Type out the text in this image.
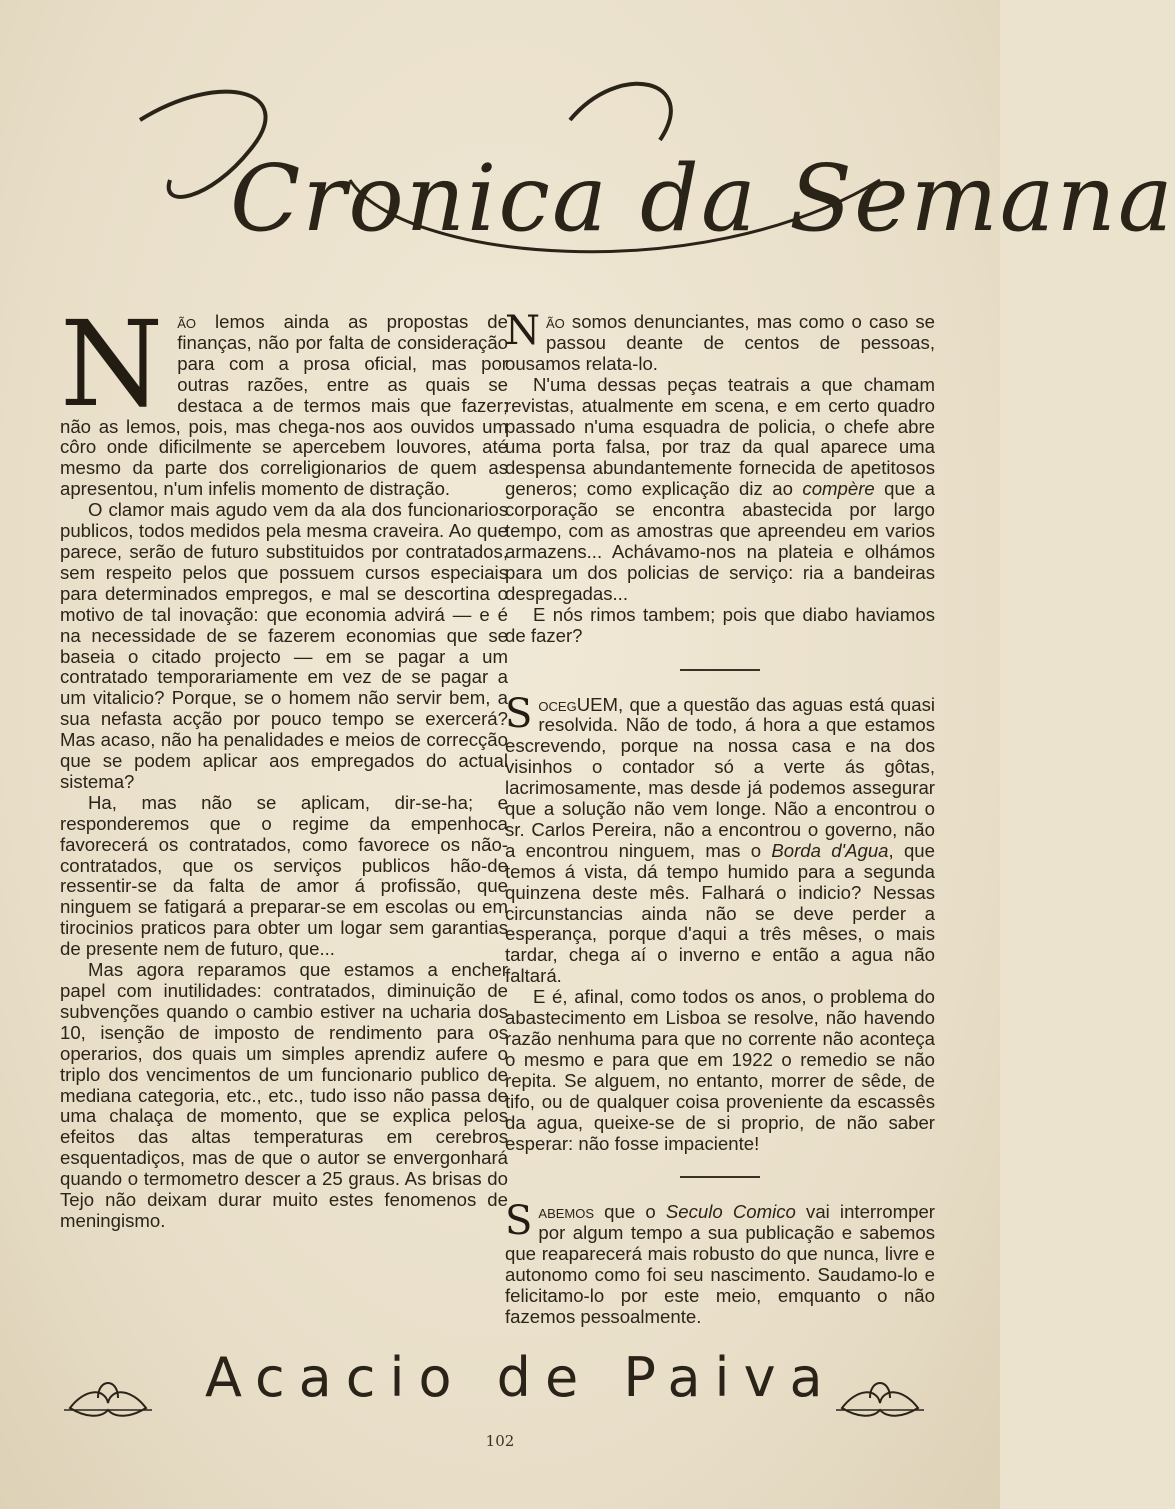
Cronica da Semana

Não lemos ainda as propostas de finanças, não por falta de consideração para com a prosa oficial, mas por outras razões, entre as quais se destaca a de termos mais que fazer; não as lemos, pois, mas chega-nos aos ouvidos um côro onde dificilmente se apercebem louvores, até mesmo da parte dos correligionarios de quem as apresentou, n'um infelis momento de distração.

O clamor mais agudo vem da ala dos funcionarios publicos, todos medidos pela mesma craveira. Ao que parece, serão de futuro substituidos por contratados, sem respeito pelos que possuem cursos especiais para determinados empregos, e mal se descortina o motivo de tal inovação: que economia advirá — e é na necessidade de se fazerem economias que se baseia o citado projecto — em se pagar a um contratado temporariamente em vez de se pagar a um vitalicio? Porque, se o homem não servir bem, a sua nefasta acção por pouco tempo se exercerá? Mas acaso, não ha penalidades e meios de correcção que se podem aplicar aos empregados do actual sistema?

Ha, mas não se aplicam, dir-se-ha; e responderemos que o regime da empenhoca favorecerá os contratados, como favorece os não-contratados, que os serviços publicos hão-de ressentir-se da falta de amor á profissão, que ninguem se fatigará a preparar-se em escolas ou em tirocinios praticos para obter um logar sem garantias de presente nem de futuro, que...

Mas agora reparamos que estamos a encher papel com inutilidades: contratados, diminuição de subvenções quando o cambio estiver na ucharia dos 10, isenção de imposto de rendimento para os operarios, dos quais um simples aprendiz aufere o triplo dos vencimentos de um funcionario publico de mediana categoria, etc., etc., tudo isso não passa de uma chalaça de momento, que se explica pelos efeitos das altas temperaturas em cerebros esquentadiços, mas de que o autor se envergonhará quando o termometro descer a 25 graus. As brisas do Tejo não deixam durar muito estes fenomenos de meningismo.

Não somos denunciantes, mas como o caso se passou deante de centos de pessoas, ousamos relata-lo.

N'uma dessas peças teatrais a que chamam revistas, atualmente em scena, e em certo quadro passado n'uma esquadra de policia, o chefe abre uma porta falsa, por traz da qual aparece uma despensa abundantemente fornecida de apetitosos generos; como explicação diz ao compère que a corporação se encontra abastecida por largo tempo, com as amostras que apreendeu em varios armazens... Achávamo-nos na plateia e olhámos para um dos policias de serviço: ria a bandeiras despregadas...

E nós rimos tambem; pois que diabo haviamos de fazer?

SocegUEM, que a questão das aguas está quasi resolvida. Não de todo, á hora a que estamos escrevendo, porque na nossa casa e na dos visinhos o contador só a verte ás gôtas, lacrimosamente, mas desde já podemos assegurar que a solução não vem longe. Não a encontrou o sr. Carlos Pereira, não a encontrou o governo, não a encontrou ninguem, mas o Borda d'Agua, que temos á vista, dá tempo humido para a segunda quinzena deste mês. Falhará o indicio? Nessas circunstancias ainda não se deve perder a esperança, porque d'aqui a três mêses, o mais tardar, chega aí o inverno e então a agua não faltará.

E é, afinal, como todos os anos, o problema do abastecimento em Lisboa se resolve, não havendo razão nenhuma para que no corrente não aconteça o mesmo e para que em 1922 o remedio se não repita. Se alguem, no entanto, morrer de sêde, de tifo, ou de qualquer coisa proveniente da escassês da agua, queixe-se de si proprio, de não saber esperar: não fosse impaciente!

Sabemos que o Seculo Comico vai interromper por algum tempo a sua publicação e sabemos que reaparecerá mais robusto do que nunca, livre e autonomo como foi seu nascimento. Saudamo-lo e felicitamo-lo por este meio, emquanto o não fazemos pessoalmente.

Acacio de Paiva
102
